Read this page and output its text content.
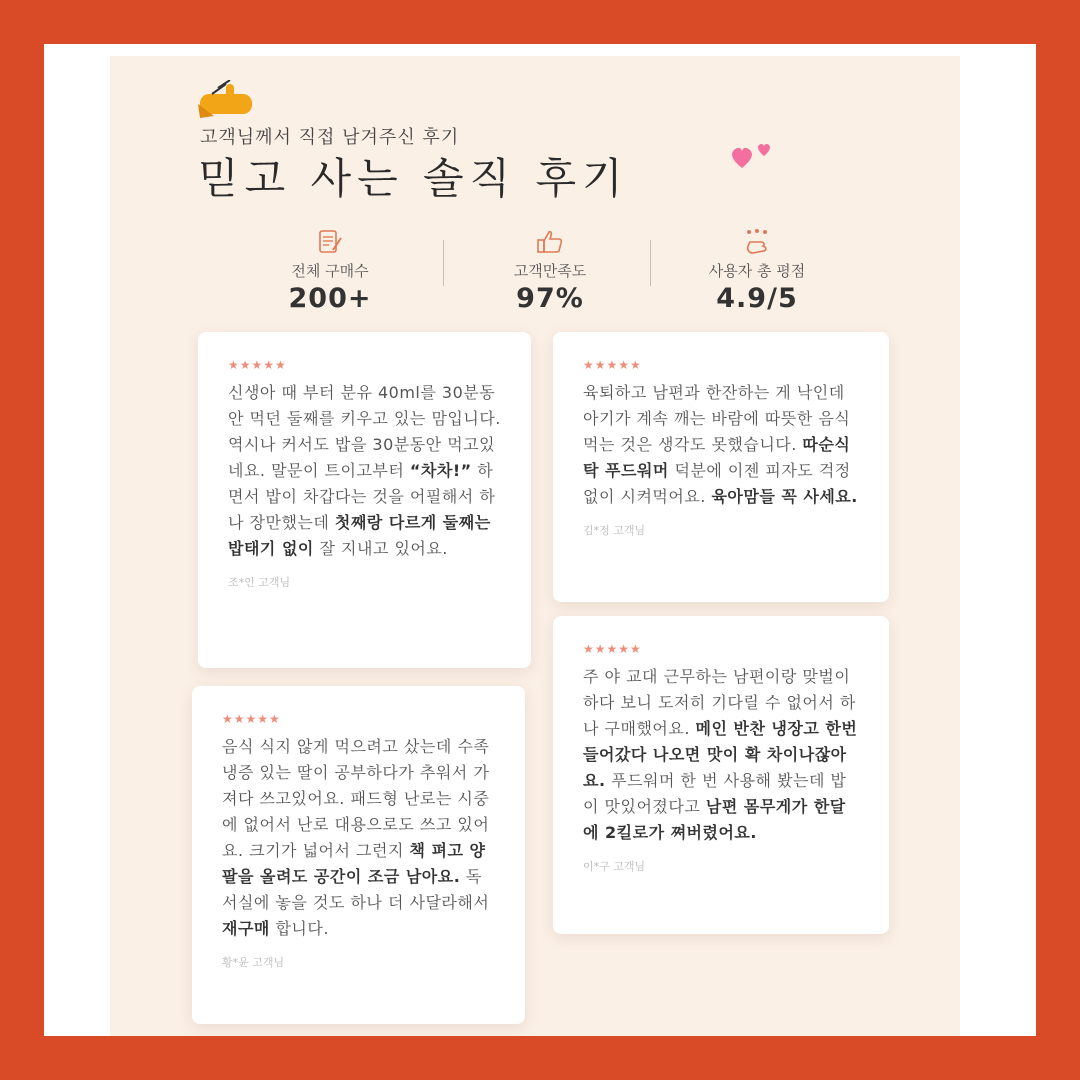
고객님께서 직접 남겨주신 후기
믿고 사는 솔직 후기
전체 구매수
200+
고객만족도
97%
사용자 총 평점
4.9/5
★★★★★
신생아 때 부터 분유 40ml를 30분동안 먹던 둘째를 키우고 있는 맘입니다. 역시나 커서도 밥을 30분동안 먹고있네요. 말문이 트이고부터 “차차!” 하면서 밥이 차갑다는 것을 어필해서 하나 장만했는데 첫째랑 다르게 둘째는 밥태기 없이 잘 지내고 있어요.
조*인 고객님
★★★★★
음식 식지 않게 먹으려고 샀는데 수족냉증 있는 딸이 공부하다가 추워서 가져다 쓰고있어요. 패드형 난로는 시중에 없어서 난로 대용으로도 쓰고 있어요. 크기가 넓어서 그런지 책 펴고 양 팔을 올려도 공간이 조금 남아요. 독서실에 놓을 것도 하나 더 사달라해서 재구매 합니다.
황*윤 고객님
★★★★★
육퇴하고 남편과 한잔하는 게 낙인데 아기가 계속 깨는 바람에 따뜻한 음식 먹는 것은 생각도 못했습니다. 따순식탁 푸드워머 덕분에 이젠 피자도 걱정 없이 시켜먹어요. 육아맘들 꼭 사세요.
김*정 고객님
★★★★★
주 야 교대 근무하는 남편이랑 맞벌이 하다 보니 도저히 기다릴 수 없어서 하나 구매했어요. 메인 반찬 냉장고 한번 들어갔다 나오면 맛이 확 차이나잖아요. 푸드워머 한 번 사용해 봤는데 밥이 맛있어졌다고 남편 몸무게가 한달에 2킬로가 쪄버렸어요.
이*구 고객님
